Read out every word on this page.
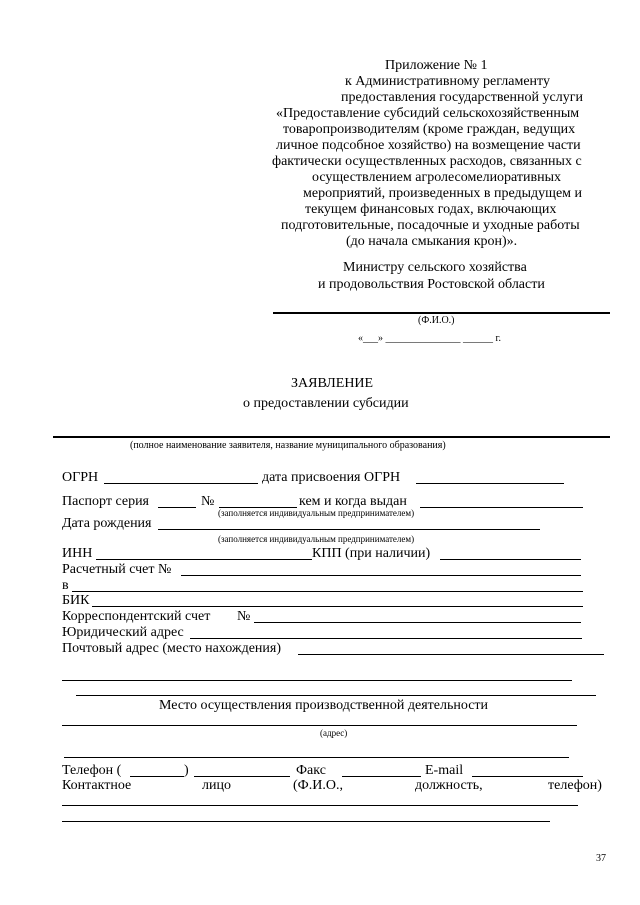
Приложение № 1
к Административному регламенту
предоставления государственной услуги
«Предоставление субсидий сельскохозяйственным
товаропроизводителям (кроме граждан, ведущих
личное подсобное хозяйство) на возмещение части
фактически осуществленных расходов, связанных с
осуществлением агролесомелиоративных
мероприятий, произведенных в предыдущем и
текущем финансовых годах, включающих
подготовительные, посадочные и уходные работы
(до начала смыкания крон)».
Министру сельского хозяйства
и продовольствия Ростовской области
(Ф.И.О.)
«___» _______________ ______ г.
ЗАЯВЛЕНИЕ
о предоставлении субсидии
(полное наименование заявителя, название муниципального образования)
ОГРН	дата присвоения ОГРН
Паспорт серия	№	кем и когда выдан
(заполняется индивидуальным предпринимателем)
Дата рождения
(заполняется индивидуальным предпринимателем)
ИНН	КПП (при наличии)
Расчетный счет №
в
БИК
Корреспондентский счет №
Юридический адрес
Почтовый адрес (место нахождения)
Место осуществления производственной деятельности
(адрес)
Телефон (	)	Факс	E-mail
Контактное	лицо	(Ф.И.О.,	должность,	телефон)
37
